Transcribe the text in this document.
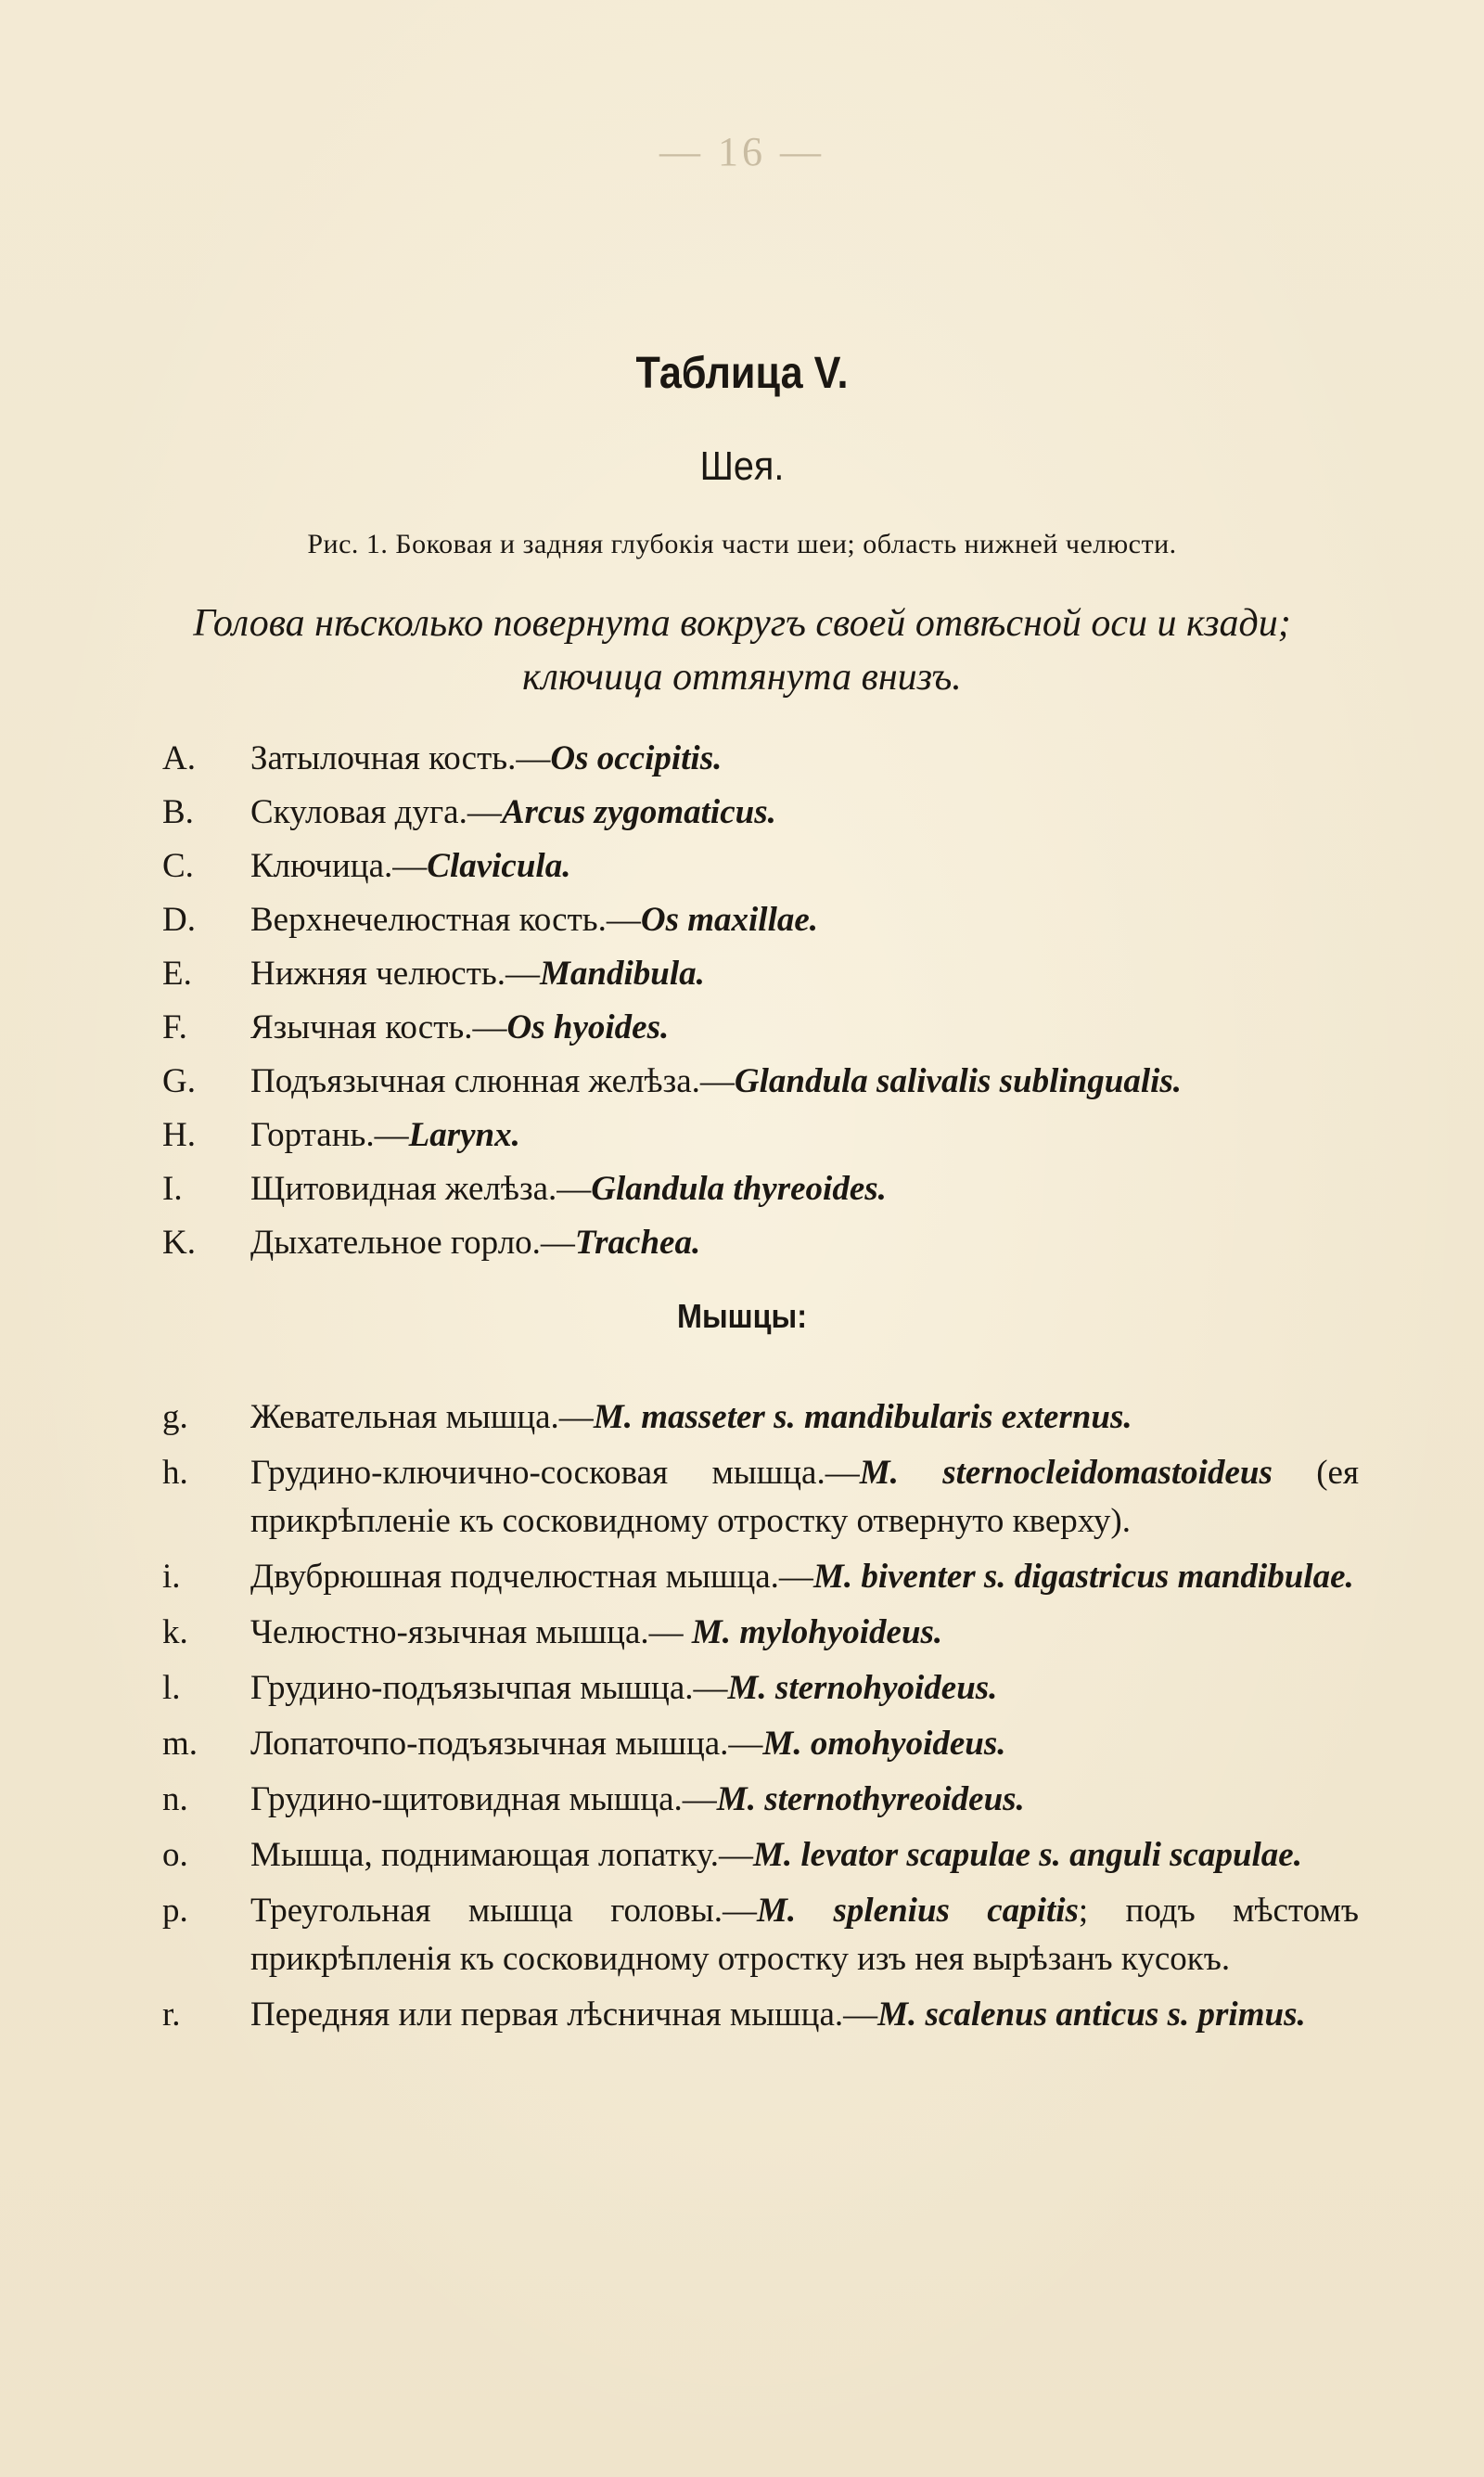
— 16 —
Таблица V.
Шея.
Рис. 1. Боковая и задняя глубокія части шеи; область нижней челюсти.
Голова нѣсколько повернута вокругъ своей отвѣсной оси и кзади; ключица оттянута внизъ.
A.	Затылочная кость.—Os occipitis.
B.	Скуловая дуга.—Arcus zygomaticus.
C.	Ключица.—Clavicula.
D.	Верхнечелюстная кость.—Os maxillae.
E.	Нижняя челюсть.—Mandibula.
F.	Язычная кость.—Os hyoides.
G.	Подъязычная слюнная желѣза.—Glandula salivalis sublingualis.
H.	Гортань.—Larynx.
I.	Щитовидная желѣза.—Glandula thyreoides.
K.	Дыхательное горло.—Trachea.
Мышцы:
g.	Жевательная мышца.—M. masseter s. mandibularis externus.
h.	Грудино-ключично-сосковая мышца.—M. sternocleidomastoideus (ея прикрѣпленіе къ сосковидному отростку отвернуто кверху).
i.	Двубрюшная подчелюстная мышца.—M. biventer s. digastricus mandibulae.
k.	Челюстно-язычная мышца.— M. mylohyoideus.
l.	Грудино-подъязычпая мышца.—M. sternohyoideus.
m.	Лопаточпо-подъязычная мышца.—M. omohyoideus.
n.	Грудино-щитовидная мышца.—M. sternothyreoideus.
o.	Мышца, поднимающая лопатку.—M. levator scapulae s. anguli scapulae.
p.	Треугольная мышца головы.—M. splenius capitis; подъ мѣстомъ прикрѣпленія къ сосковидному отростку изъ нея вырѣзанъ кусокъ.
r.	Передняя или первая лѣсничная мышца.—M. scalenus anticus s. primus.
